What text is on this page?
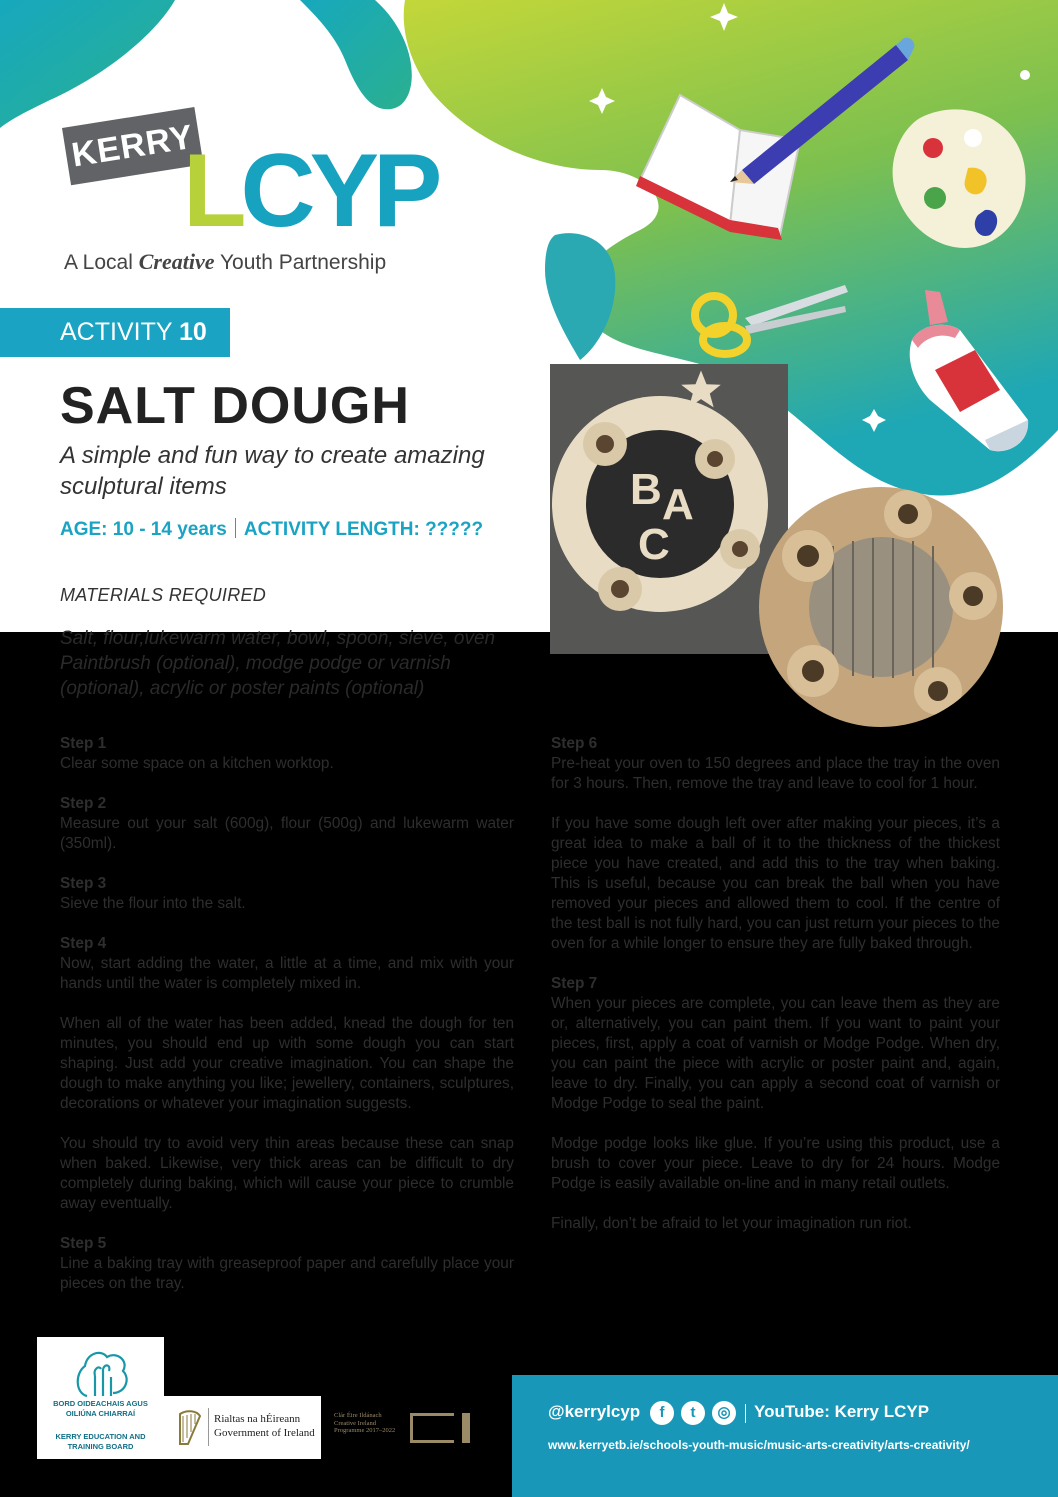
KERRY
LCYP
A Local Creative Youth Partnership
ACTIVITY 10
SALT DOUGH
A simple and fun way to create amazing sculptural items
AGE: 10 - 14 years ACTIVITY LENGTH: ?????
MATERIALS REQUIRED
Salt, flour,lukewarm water, bowl, spoon, sieve, oven Paintbrush (optional), modge podge or varnish (optional), acrylic or poster paints (optional)
B A
C

Step 1

Clear some space on a kitchen worktop.

Step 2

Measure out your salt (600g), flour (500g) and lukewarm water (350ml).

Step 3

Sieve the flour into the salt.

Step 4

Now, start adding the water, a little at a time, and mix with your hands until the water is completely mixed in.

When all of the water has been added, knead the dough for ten minutes, you should end up with some dough you can start shaping. Just add your creative imagination. You can shape the dough to make anything you like; jewellery, containers, sculptures, decorations or whatever your imagination suggests.

You should try to avoid very thin areas because these can snap when baked. Likewise, very thick areas can be difficult to dry completely during baking, which will cause your piece to crumble away eventually.

Step 5

Line a baking tray with greaseproof paper and carefully place your pieces on the tray.

Step 6

Pre-heat your oven to 150 degrees and place the tray in the oven for 3 hours. Then, remove the tray and leave to cool for 1 hour.

If you have some dough left over after making your pieces, it’s a great idea to make a ball of it to the thickness of the thickest piece you have created, and add this to the tray when baking. This is useful, because you can break the ball when you have removed your pieces and allowed them to cool. If the centre of the test ball is not fully hard, you can just return your pieces to the oven for a while longer to ensure they are fully baked through.

Step 7

When your pieces are complete, you can leave them as they are or, alternatively, you can paint them. If you want to paint your pieces, first, apply a coat of varnish or Modge Podge. When dry, you can paint the piece with acrylic or poster paint and, again, leave to dry. Finally, you can apply a second coat of varnish or Modge Podge to seal the paint.

Modge podge looks like glue. If you’re using this product, use a brush to cover your piece. Leave to dry for 24 hours. Modge Podge is easily available on-line and in many retail outlets.

Finally, don’t be afraid to let your imagination run riot.

BORD OIDEACHAIS AGUS OILIÚNA CHIARRAÍ
KERRY EDUCATION AND TRAINING BOARD
Rialtas na hÉireann
Government of Ireland
Clár Éire Ildánach Creative Ireland Programme 2017–2022
CI
@kerrylcyp	f	t	◎	YouTube: Kerry LCYP
www.kerryetb.ie/schools-youth-music/music-arts-creativity/arts-creativity/
